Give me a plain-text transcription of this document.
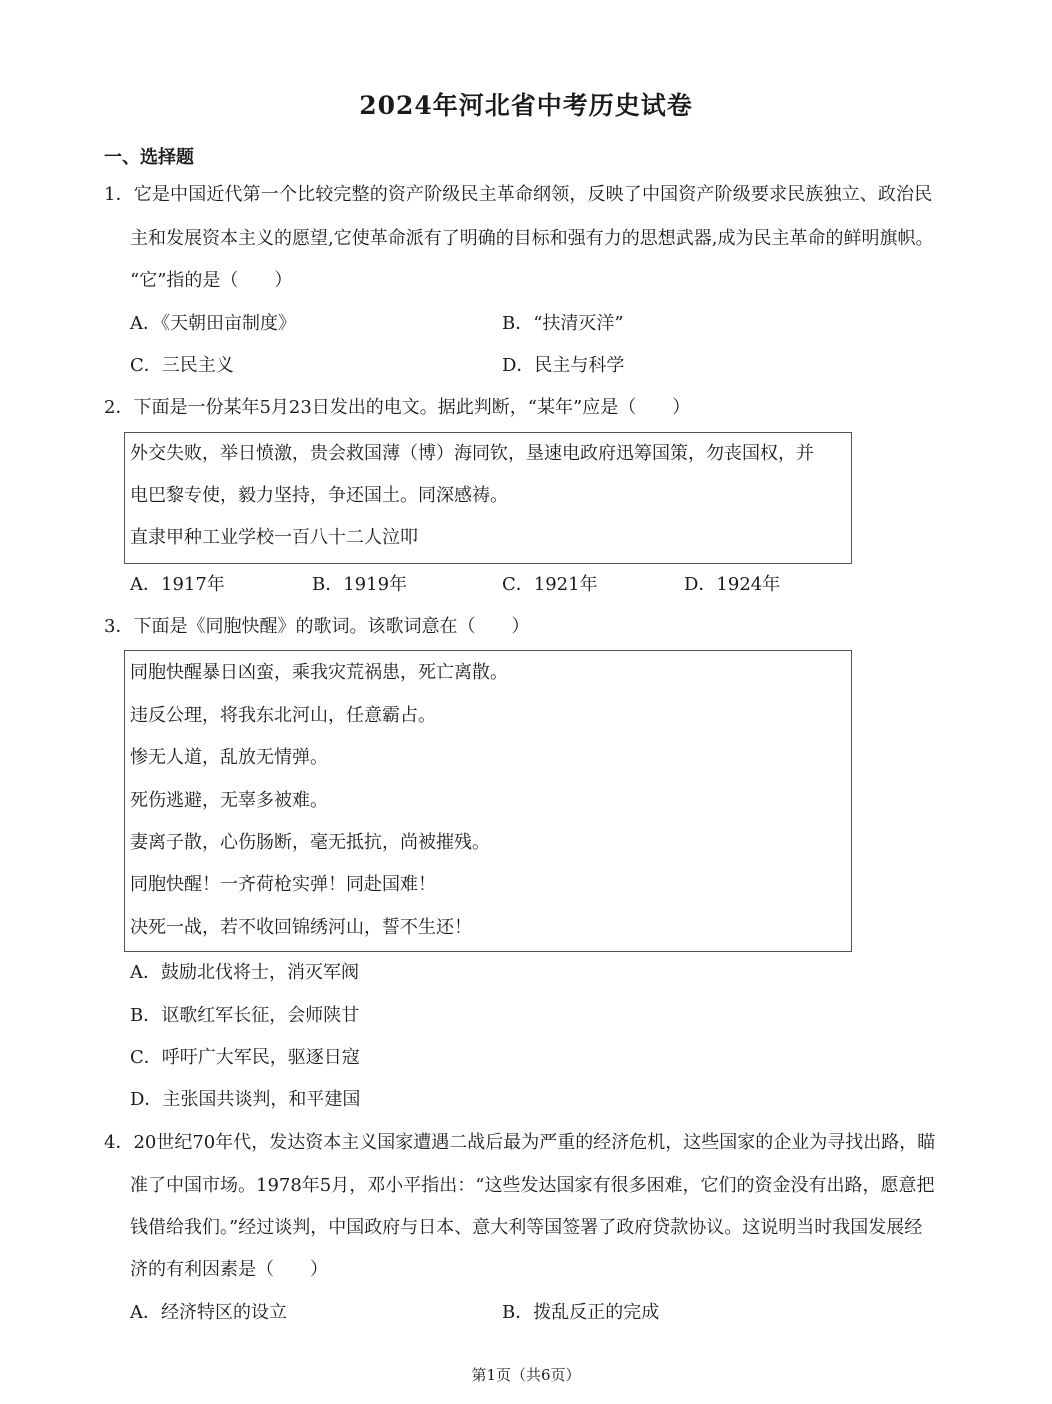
2024年河北省中考历史试卷
一、选择题
1．它是中国近代第一个比较完整的资产阶级民主革命纲领，反映了中国资产阶级要求民族独立、政治民
主和发展资本主义的愿望,它使革命派有了明确的目标和强有力的思想武器,成为民主革命的鲜明旗帜。
“它”指的是（　　）
A．《天朝田亩制度》	B．“扶清灭洋”
C．三民主义	D．民主与科学
2．下面是一份某年5月23日发出的电文。据此判断，“某年”应是（　　）
外交失败，举日愤激，贵会救国薄（博）海同钦，垦速电政府迅筹国策，勿丧国权，并
电巴黎专使，毅力坚持，争还国土。同深感祷。
直隶甲种工业学校一百八十二人泣叩
A．1917年	B．1919年	C．1921年	D．1924年
3．下面是《同胞快醒》的歌词。该歌词意在（　　）
同胞快醒暴日凶蛮，乘我灾荒祸患，死亡离散。
违反公理，将我东北河山，任意霸占。
惨无人道，乱放无情弹。
死伤逃避，无辜多被难。
妻离子散，心伤肠断，毫无抵抗，尚被摧残。
同胞快醒！一齐荷枪实弹！同赴国难！
决死一战，若不收回锦绣河山，誓不生还！
A．鼓励北伐将士，消灭军阀
B．讴歌红军长征，会师陕甘
C．呼吁广大军民，驱逐日寇
D．主张国共谈判，和平建国
4．20世纪70年代，发达资本主义国家遭遇二战后最为严重的经济危机，这些国家的企业为寻找出路，瞄
准了中国市场。1978年5月，邓小平指出：“这些发达国家有很多困难，它们的资金没有出路，愿意把
钱借给我们。”经过谈判，中国政府与日本、意大利等国签署了政府贷款协议。这说明当时我国发展经
济的有利因素是（　　）
A．经济特区的设立	B．拨乱反正的完成
第1页（共6页）
